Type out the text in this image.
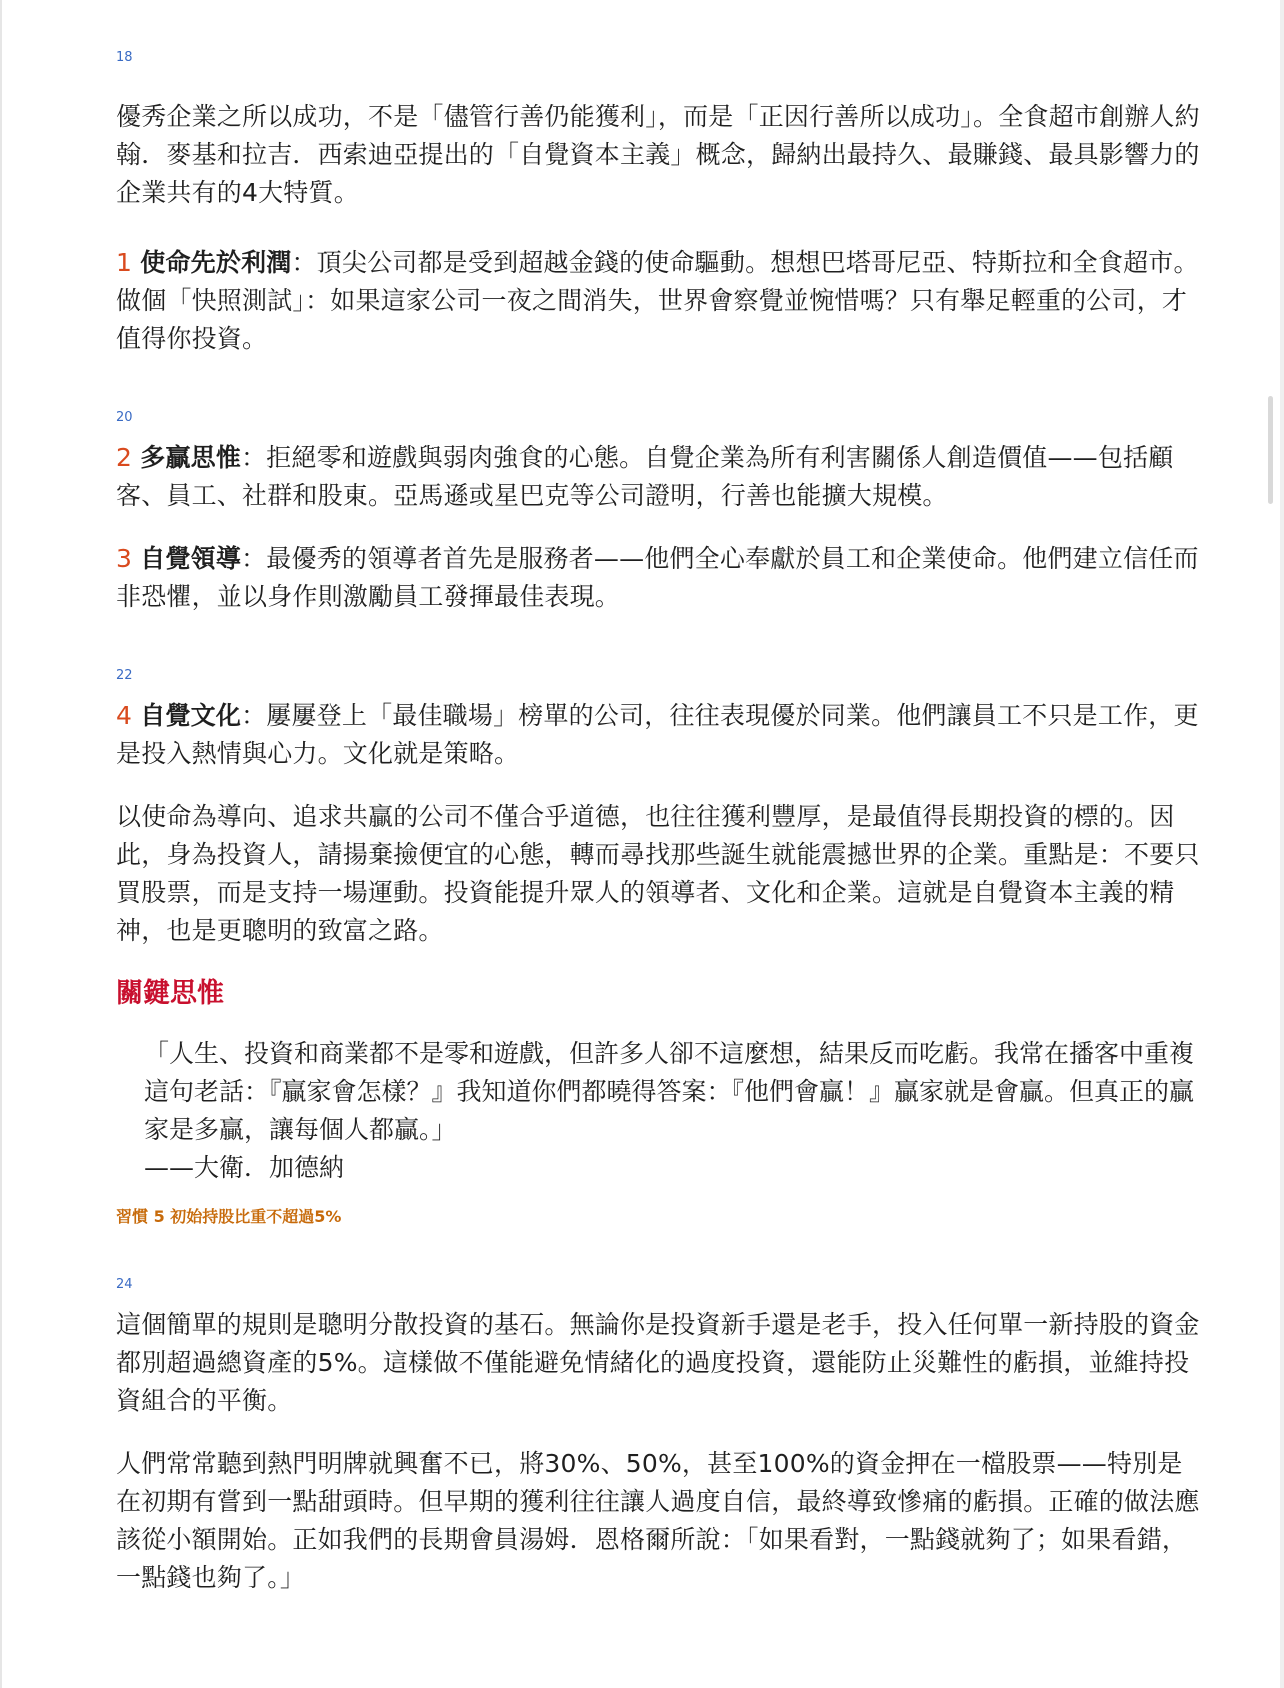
18

優秀企業之所以成功，不是「儘管行善仍能獲利」，而是「正因行善所以成功」。全食超市創辦人約翰．麥基和拉吉．西索迪亞提出的「自覺資本主義」概念，歸納出最持久、最賺錢、最具影響力的企業共有的4大特質。

1 使命先於利潤：頂尖公司都是受到超越金錢的使命驅動。想想巴塔哥尼亞、特斯拉和全食超市。做個「快照測試」：如果這家公司一夜之間消失，世界會察覺並惋惜嗎？只有舉足輕重的公司，才值得你投資。

20

2 多贏思惟：拒絕零和遊戲與弱肉強食的心態。自覺企業為所有利害關係人創造價值——包括顧客、員工、社群和股東。亞馬遜或星巴克等公司證明，行善也能擴大規模。

3 自覺領導：最優秀的領導者首先是服務者——他們全心奉獻於員工和企業使命。他們建立信任而非恐懼，並以身作則激勵員工發揮最佳表現。

22

4 自覺文化：屢屢登上「最佳職場」榜單的公司，往往表現優於同業。他們讓員工不只是工作，更是投入熱情與心力。文化就是策略。

以使命為導向、追求共贏的公司不僅合乎道德，也往往獲利豐厚，是最值得長期投資的標的。因此，身為投資人，請揚棄撿便宜的心態，轉而尋找那些誕生就能震撼世界的企業。重點是：不要只買股票，而是支持一場運動。投資能提升眾人的領導者、文化和企業。這就是自覺資本主義的精神，也是更聰明的致富之路。

關鍵思惟

「人生、投資和商業都不是零和遊戲，但許多人卻不這麼想，結果反而吃虧。我常在播客中重複這句老話：『贏家會怎樣？』我知道你們都曉得答案：『他們會贏！』贏家就是會贏。但真正的贏家是多贏，讓每個人都贏。」

——大衛．加德納

習慣 5 初始持股比重不超過5%
24

這個簡單的規則是聰明分散投資的基石。無論你是投資新手還是老手，投入任何單一新持股的資金都別超過總資產的5%。這樣做不僅能避免情緒化的過度投資，還能防止災難性的虧損，並維持投資組合的平衡。

人們常常聽到熱門明牌就興奮不已，將30%、50%，甚至100%的資金押在一檔股票——特別是在初期有嘗到一點甜頭時。但早期的獲利往往讓人過度自信，最終導致慘痛的虧損。正確的做法應該從小額開始。正如我們的長期會員湯姆．恩格爾所說：「如果看對，一點錢就夠了；如果看錯，一點錢也夠了。」
